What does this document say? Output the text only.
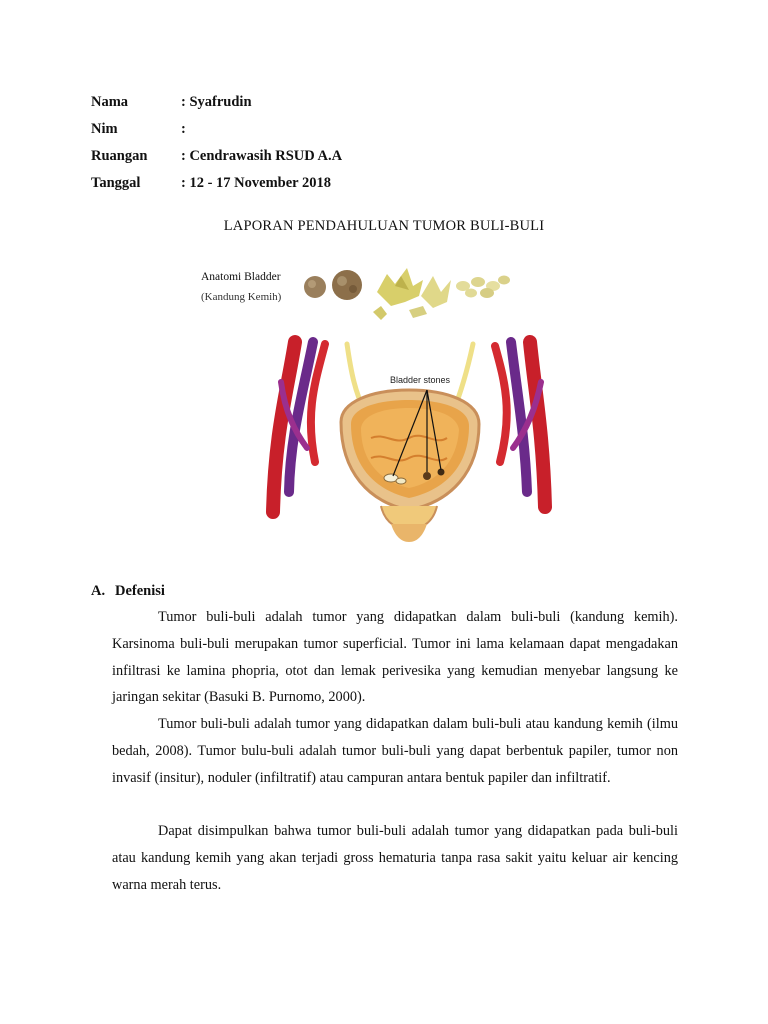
Nama	: Syafrudin
Nim	:
Ruangan	: Cendrawasih RSUD A.A
Tanggal	: 12 - 17 November 2018
LAPORAN PENDAHULUAN TUMOR BULI-BULI
Anatomi Bladder
(Kandung Kemih)
Bladder stones
A. Defenisi

Tumor buli-buli adalah tumor yang didapatkan dalam buli-buli (kandung kemih). Karsinoma buli-buli merupakan tumor superficial. Tumor ini lama kelamaan dapat mengadakan infiltrasi ke lamina phopria, otot dan lemak perivesika yang kemudian menyebar langsung ke jaringan sekitar (Basuki B. Purnomo, 2000).

Tumor buli-buli adalah tumor yang didapatkan dalam buli-buli atau kandung kemih (ilmu bedah, 2008). Tumor bulu-buli adalah tumor buli-buli yang dapat berbentuk papiler, tumor non invasif (insitur), noduler (infiltratif) atau campuran antara bentuk papiler dan infiltratif.

Dapat disimpulkan bahwa tumor buli-buli adalah tumor yang didapatkan pada buli-buli atau kandung kemih yang akan terjadi gross hematuria tanpa rasa sakit yaitu keluar air kencing warna merah terus.
